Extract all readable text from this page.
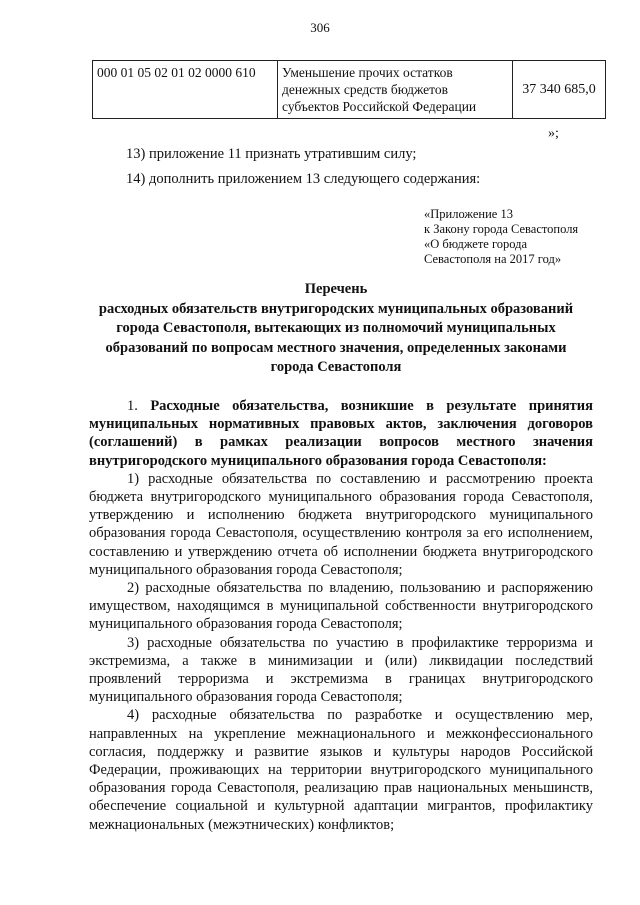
306
000 01 05 02 01 02 0000 610	Уменьшение прочих остатков денежных средств бюджетов субъектов Российской Федерации	37 340 685,0
»;
13) приложение 11 признать утратившим силу;
14) дополнить приложением 13 следующего содержания:
«Приложение 13
к Закону города Севастополя
«О бюджете города
Севастополя на 2017 год»
Перечень
расходных обязательств внутригородских муниципальных образований города Севастополя, вытекающих из полномочий муниципальных образований по вопросам местного значения, определенных законами города Севастополя

1. Расходные обязательства, возникшие в результате принятия муниципальных нормативных правовых актов, заключения договоров (соглашений) в рамках реализации вопросов местного значения внутригородского муниципального образования города Севастополя:

1) расходные обязательства по составлению и рассмотрению проекта бюджета внутригородского муниципального образования города Севастополя, утверждению и исполнению бюджета внутригородского муниципального образования города Севастополя, осуществлению контроля за его исполнением, составлению и утверждению отчета об исполнении бюджета внутригородского муниципального образования города Севастополя;

2) расходные обязательства по владению, пользованию и распоряжению имуществом, находящимся в муниципальной собственности внутригородского муниципального образования города Севастополя;

3) расходные обязательства по участию в профилактике терроризма и экстремизма, а также в минимизации и (или) ликвидации последствий проявлений терроризма и экстремизма в границах внутригородского муниципального образования города Севастополя;

4) расходные обязательства по разработке и осуществлению мер, направленных на укрепление межнационального и межконфессионального согласия, поддержку и развитие языков и культуры народов Российской Федерации, проживающих на территории внутригородского муниципального образования города Севастополя, реализацию прав национальных меньшинств, обеспечение социальной и культурной адаптации мигрантов, профилактику межнациональных (межэтнических) конфликтов;
